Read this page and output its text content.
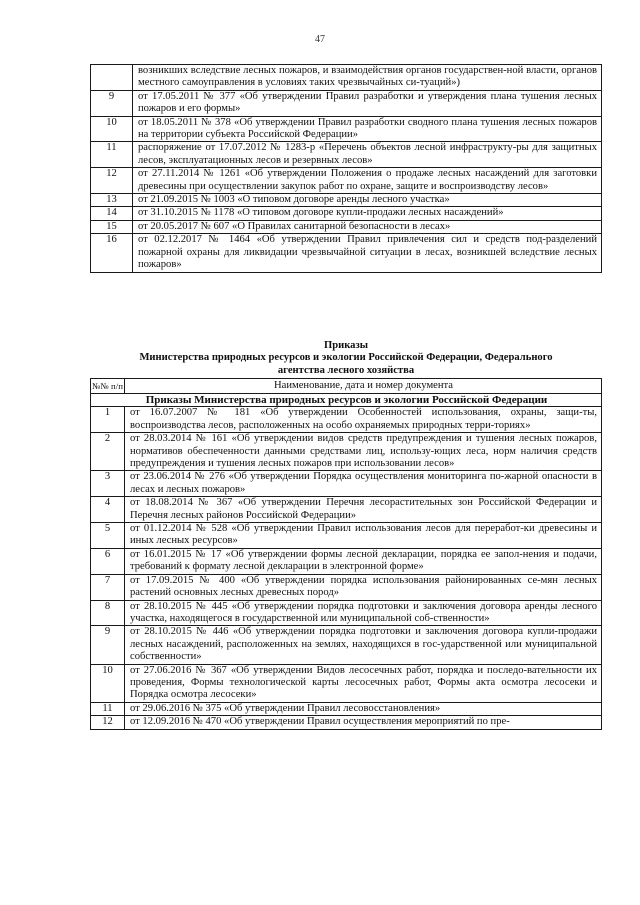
47
	возникших вследствие лесных пожаров, и взаимодействия органов государствен-ной власти, органов местного самоуправления в условиях таких чрезвычайных си-туаций»)
9	от 17.05.2011 № 377 «Об утверждении Правил разработки и утверждения плана тушения лесных пожаров и его формы»
10	от 18.05.2011 № 378 «Об утверждении Правил разработки сводного плана тушения лесных пожаров на территории субъекта Российской Федерации»
11	распоряжение от 17.07.2012 № 1283-р «Перечень объектов лесной инфраструкту-ры для защитных лесов, эксплуатационных лесов и резервных лесов»
12	от 27.11.2014 № 1261 «Об утверждении Положения о продаже лесных насаждений для заготовки древесины при осуществлении закупок работ по охране, защите и воспроизводству лесов»
13	от 21.09.2015 № 1003 «О типовом договоре аренды лесного участка»
14	от 31.10.2015 № 1178 «О типовом договоре купли-продажи лесных насаждений»
15	от 20.05.2017 № 607 «О Правилах санитарной безопасности в лесах»
16	от 02.12.2017 № 1464 «Об утверждении Правил привлечения сил и средств под-разделений пожарной охраны для ликвидации чрезвычайной ситуации в лесах, возникшей вследствие лесных пожаров»
Приказы
Министерства природных ресурсов и экологии Российской Федерации, Федерального
агентства лесного хозяйства
№№ п/п	Наименование, дата и номер документа
Приказы Министерства природных ресурсов и экологии Российской Федерации	
1	от 16.07.2007 № 181 «Об утверждении Особенностей использования, охраны, защи-ты, воспроизводства лесов, расположенных на особо охраняемых природных терри-ториях»
2	от 28.03.2014 № 161 «Об утверждении видов средств предупреждения и тушения лесных пожаров, нормативов обеспеченности данными средствами лиц, использу-ющих леса, норм наличия средств предупреждения и тушения лесных пожаров при использовании лесов»
3	от 23.06.2014 № 276 «Об утверждении Порядка осуществления мониторинга по-жарной опасности в лесах и лесных пожаров»
4	от 18.08.2014 № 367 «Об утверждении Перечня лесорастительных зон Российской Федерации и Перечня лесных районов Российской Федерации»
5	от 01.12.2014 № 528 «Об утверждении Правил использования лесов для переработ-ки древесины и иных лесных ресурсов»
6	от 16.01.2015 № 17 «Об утверждении формы лесной декларации, порядка ее запол-нения и подачи, требований к формату лесной декларации в электронной форме»
7	от 17.09.2015 № 400 «Об утверждении порядка использования районированных се-мян лесных растений основных лесных древесных пород»
8	от 28.10.2015 № 445 «Об утверждении порядка подготовки и заключения договора аренды лесного участка, находящегося в государственной или муниципальной соб-ственности»
9	от 28.10.2015 № 446 «Об утверждении порядка подготовки и заключения договора купли-продажи лесных насаждений, расположенных на землях, находящихся в гос-ударственной или муниципальной собственности»
10	от 27.06.2016 № 367 «Об утверждении Видов лесосечных работ, порядка и последо-вательности их проведения, Формы технологической карты лесосечных работ, Формы акта осмотра лесосеки и Порядка осмотра лесосеки»
11	от 29.06.2016 № 375 «Об утверждении Правил лесовосстановления»
12	от 12.09.2016 № 470 «Об утверждении Правил осуществления мероприятий по пре-
